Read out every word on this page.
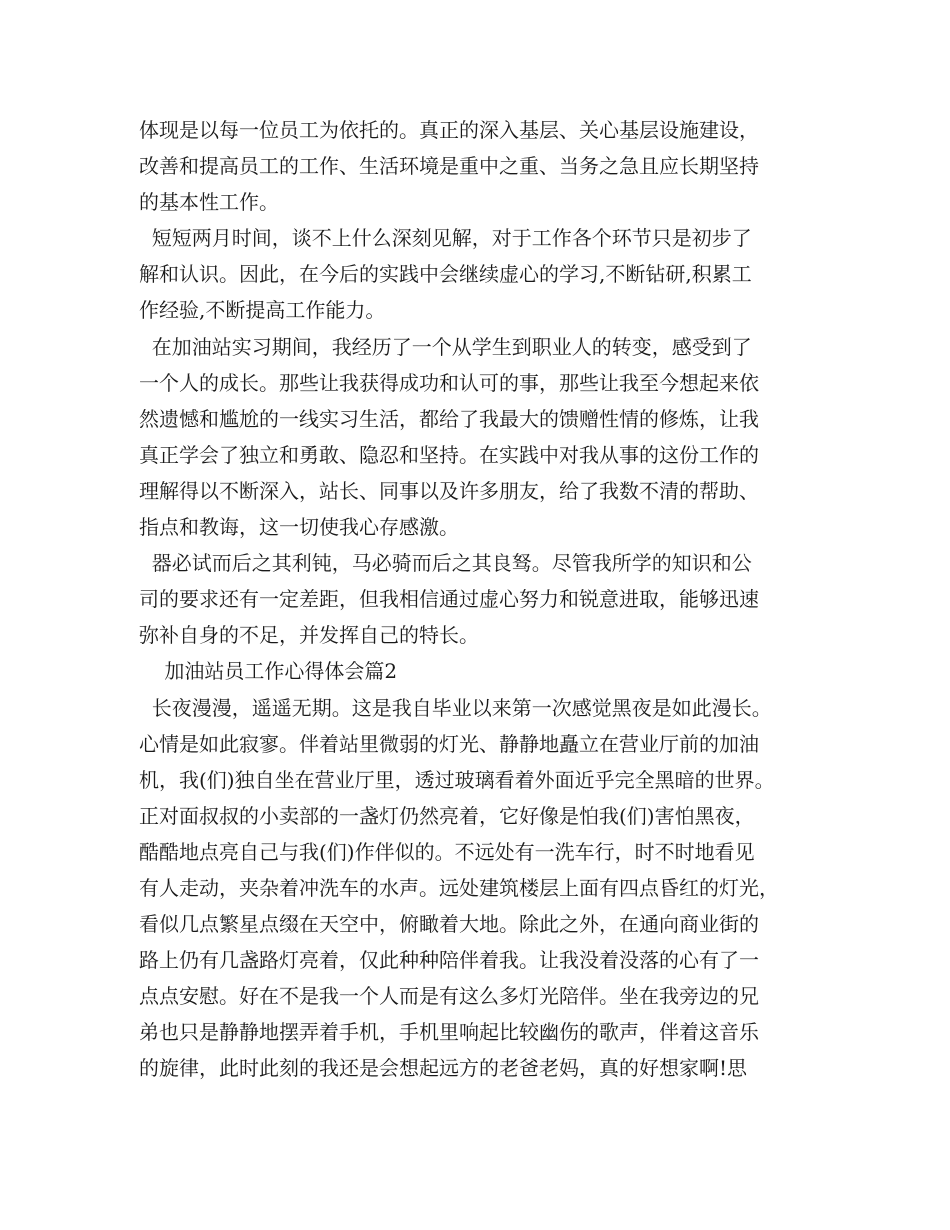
体现是以每一位员工为依托的。真正的深入基层、关心基层设施建设，
改善和提高员工的工作、生活环境是重中之重、当务之急且应长期坚持
的基本性工作。
短短两月时间，谈不上什么深刻见解，对于工作各个环节只是初步了
解和认识。因此，在今后的实践中会继续虚心的学习,不断钻研,积累工
作经验,不断提高工作能力。
在加油站实习期间，我经历了一个从学生到职业人的转变，感受到了
一个人的成长。那些让我获得成功和认可的事，那些让我至今想起来依
然遗憾和尴尬的一线实习生活，都给了我最大的馈赠性情的修炼，让我
真正学会了独立和勇敢、隐忍和坚持。在实践中对我从事的这份工作的
理解得以不断深入，站长、同事以及许多朋友，给了我数不清的帮助、
指点和教诲，这一切使我心存感激。
器必试而后之其利钝，马必骑而后之其良驽。尽管我所学的知识和公
司的要求还有一定差距，但我相信通过虚心努力和锐意进取，能够迅速
弥补自身的不足，并发挥自己的特长。
加油站员工作心得体会篇2
长夜漫漫，遥遥无期。这是我自毕业以来第一次感觉黑夜是如此漫长。
心情是如此寂寥。伴着站里微弱的灯光、静静地矗立在营业厅前的加油
机，我(们)独自坐在营业厅里，透过玻璃看着外面近乎完全黑暗的世界。
正对面叔叔的小卖部的一盏灯仍然亮着，它好像是怕我(们)害怕黑夜，
酷酷地点亮自己与我(们)作伴似的。不远处有一洗车行，时不时地看见
有人走动，夹杂着冲洗车的水声。远处建筑楼层上面有四点昏红的灯光，
看似几点繁星点缀在天空中，俯瞰着大地。除此之外，在通向商业街的
路上仍有几盏路灯亮着，仅此种种陪伴着我。让我没着没落的心有了一
点点安慰。好在不是我一个人而是有这么多灯光陪伴。坐在我旁边的兄
弟也只是静静地摆弄着手机，手机里响起比较幽伤的歌声，伴着这音乐
的旋律，此时此刻的我还是会想起远方的老爸老妈，真的好想家啊!思
